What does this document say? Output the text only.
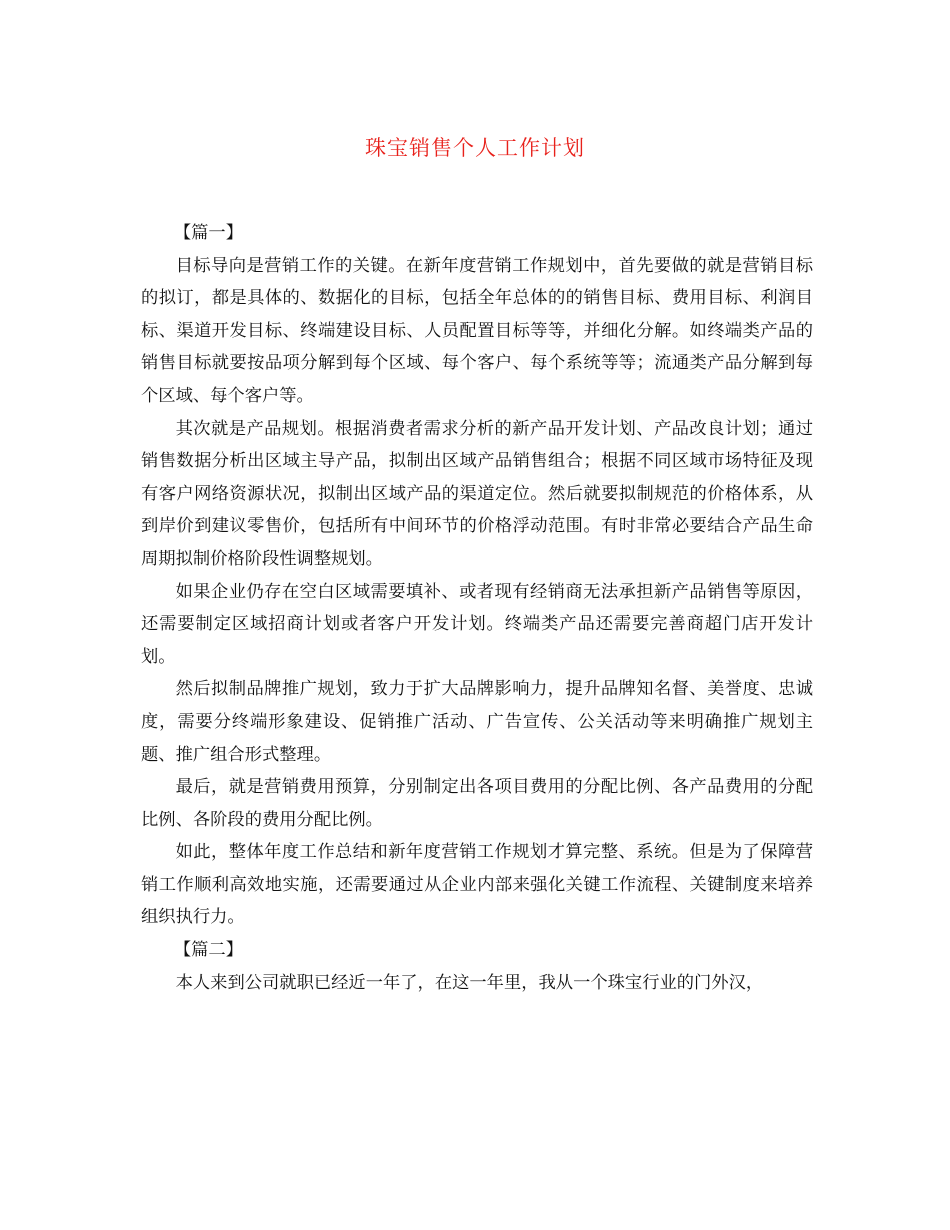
珠宝销售个人工作计划
【篇一】

目标导向是营销工作的关键。在新年度营销工作规划中，首先要做的就是营销目标的拟订，都是具体的、数据化的目标，包括全年总体的的销售目标、费用目标、利润目标、渠道开发目标、终端建设目标、人员配置目标等等，并细化分解。如终端类产品的销售目标就要按品项分解到每个区域、每个客户、每个系统等等；流通类产品分解到每个区域、每个客户等。

其次就是产品规划。根据消费者需求分析的新产品开发计划、产品改良计划；通过销售数据分析出区域主导产品，拟制出区域产品销售组合；根据不同区域市场特征及现有客户网络资源状况，拟制出区域产品的渠道定位。然后就要拟制规范的价格体系，从到岸价到建议零售价，包括所有中间环节的价格浮动范围。有时非常必要结合产品生命周期拟制价格阶段性调整规划。

如果企业仍存在空白区域需要填补、或者现有经销商无法承担新产品销售等原因，还需要制定区域招商计划或者客户开发计划。终端类产品还需要完善商超门店开发计划。

然后拟制品牌推广规划，致力于扩大品牌影响力，提升品牌知名督、美誉度、忠诚度，需要分终端形象建设、促销推广活动、广告宣传、公关活动等来明确推广规划主题、推广组合形式整理。

最后，就是营销费用预算，分别制定出各项目费用的分配比例、各产品费用的分配比例、各阶段的费用分配比例。

如此，整体年度工作总结和新年度营销工作规划才算完整、系统。但是为了保障营销工作顺利高效地实施，还需要通过从企业内部来强化关键工作流程、关键制度来培养组织执行力。

【篇二】

本人来到公司就职已经近一年了，在这一年里，我从一个珠宝行业的门外汉，
